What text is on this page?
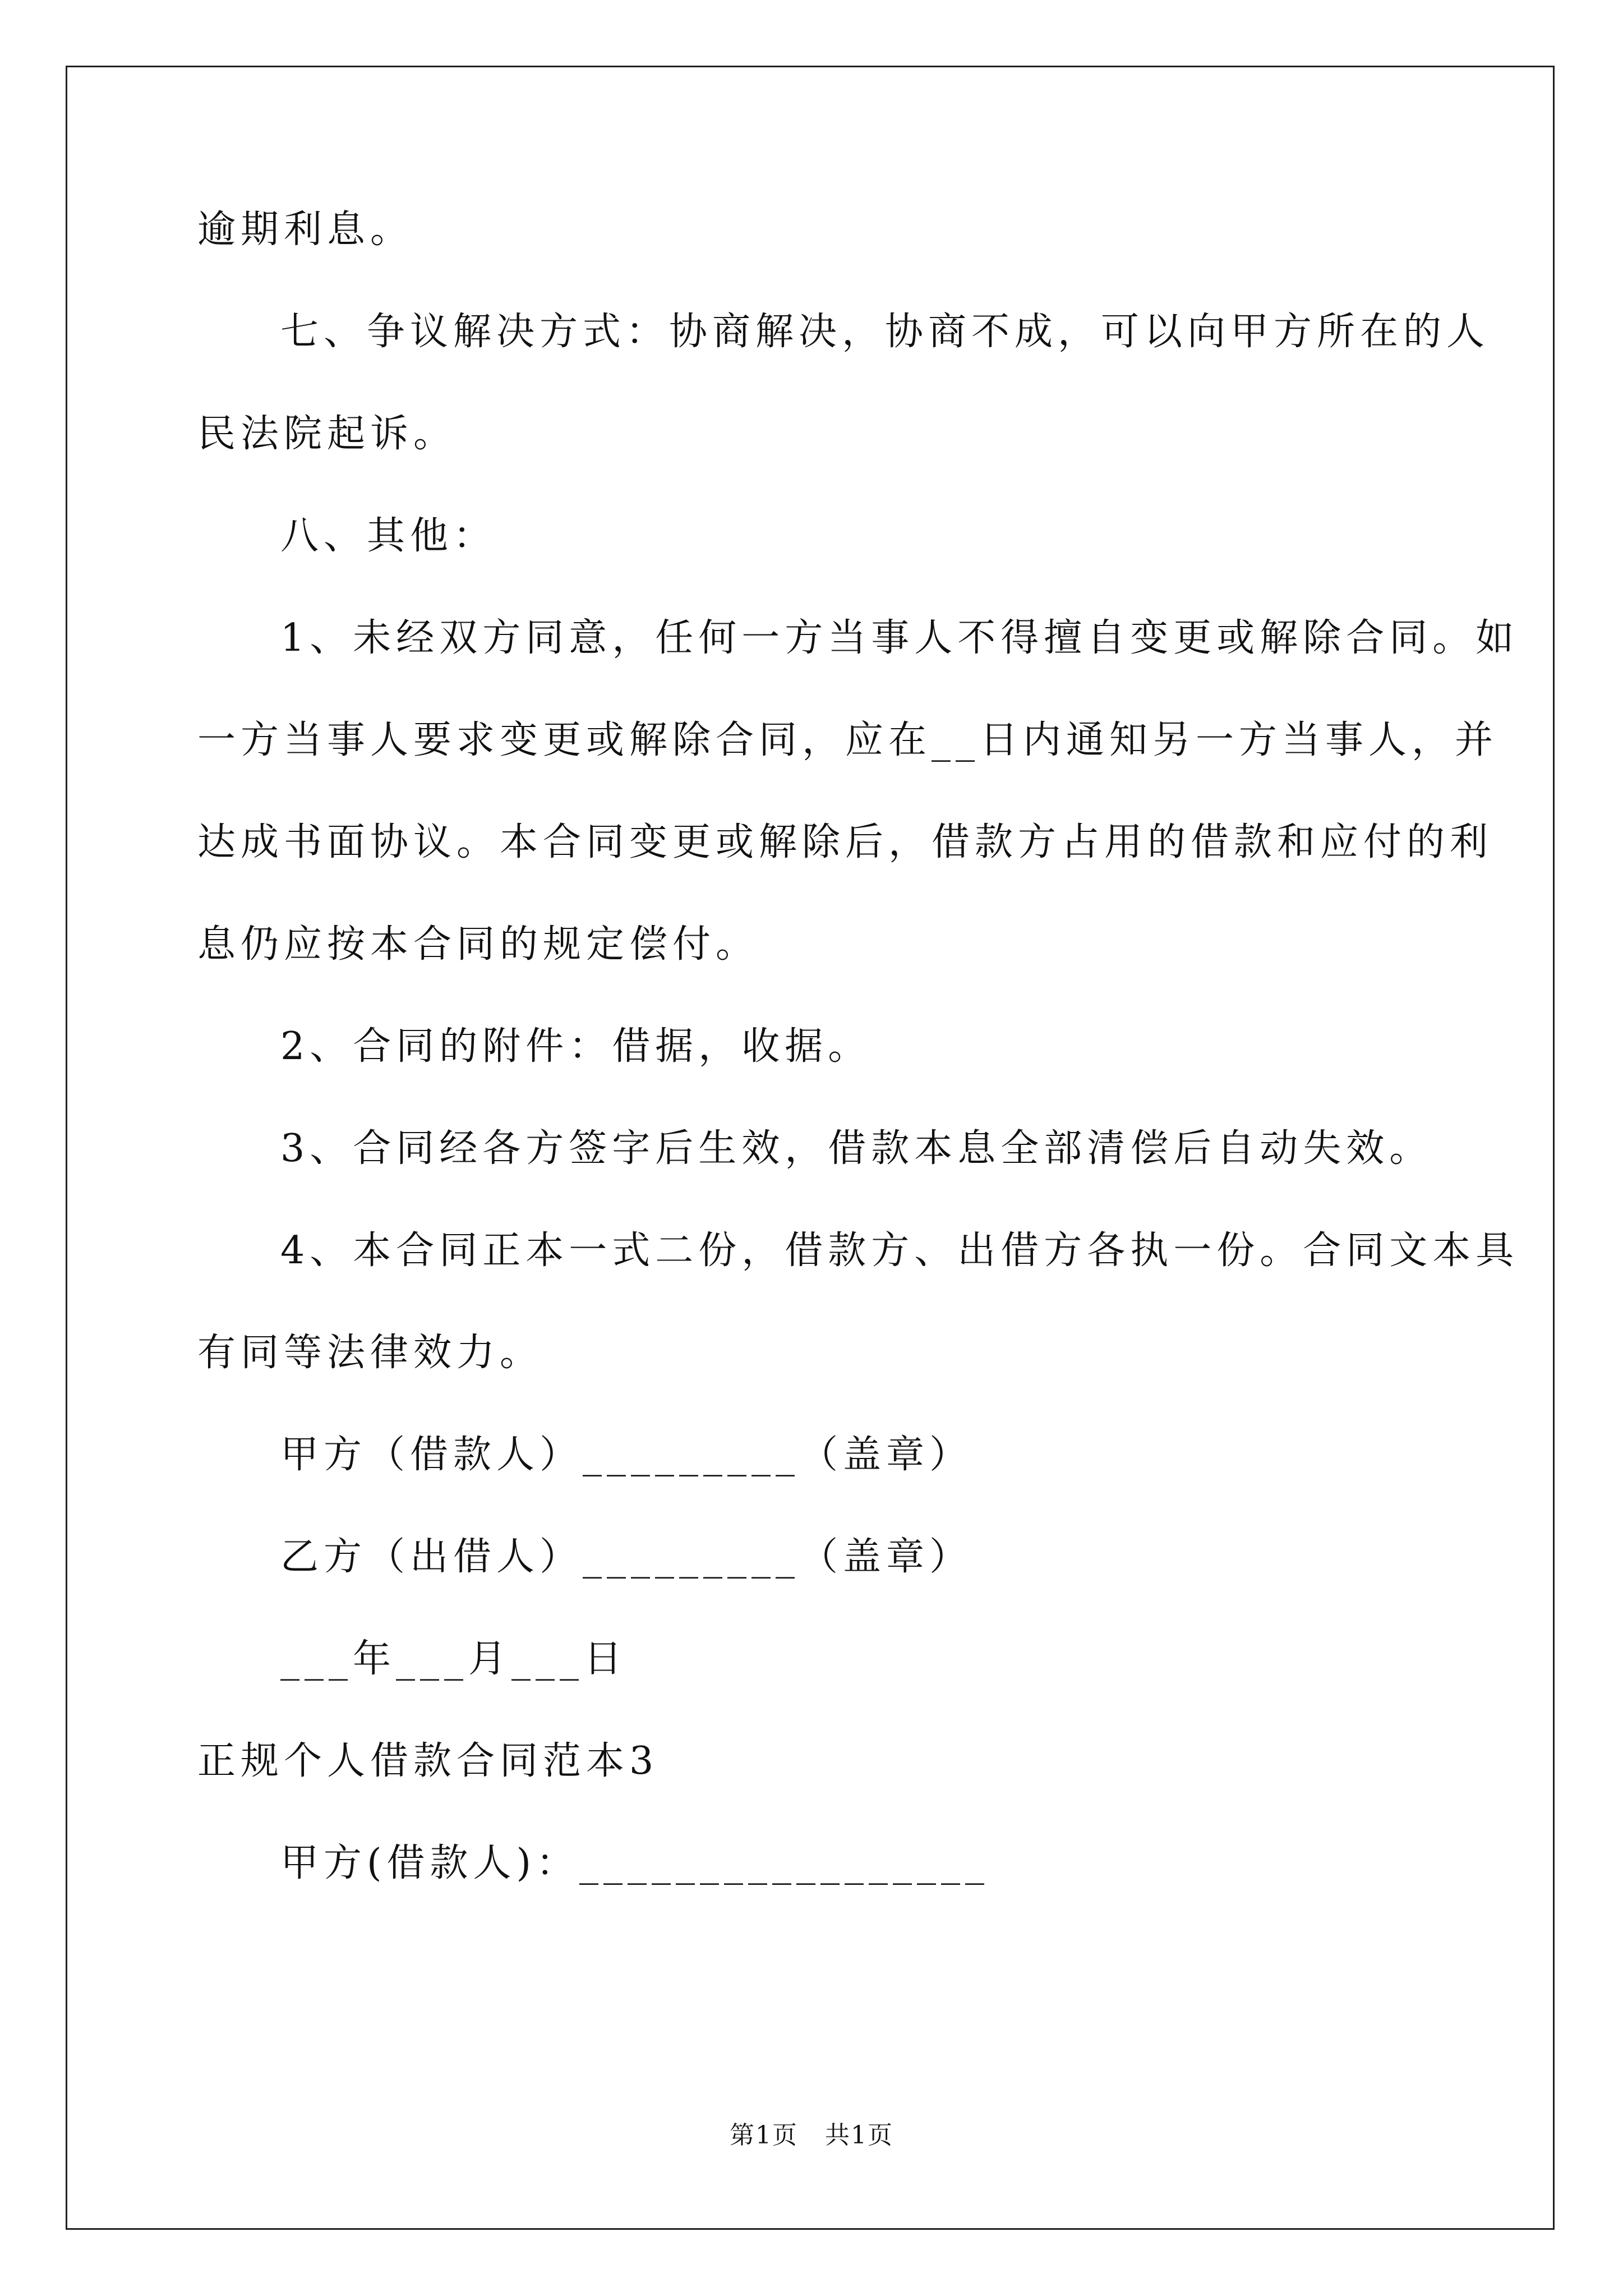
逾期利息。
七、争议解决方式：协商解决，协商不成，可以向甲方所在的人
民法院起诉。
八、其他：
1、未经双方同意，任何一方当事人不得擅自变更或解除合同。如
一方当事人要求变更或解除合同，应在__日内通知另一方当事人，并
达成书面协议。本合同变更或解除后，借款方占用的借款和应付的利
息仍应按本合同的规定偿付。
2、合同的附件：借据，收据。
3、合同经各方签字后生效，借款本息全部清偿后自动失效。
4、本合同正本一式二份，借款方、出借方各执一份。合同文本具
有同等法律效力。
甲方（借款人）_________（盖章）
乙方（出借人）_________（盖章）
___年___月___日
正规个人借款合同范本3
甲方(借款人)：_________________
第1页   共1页
